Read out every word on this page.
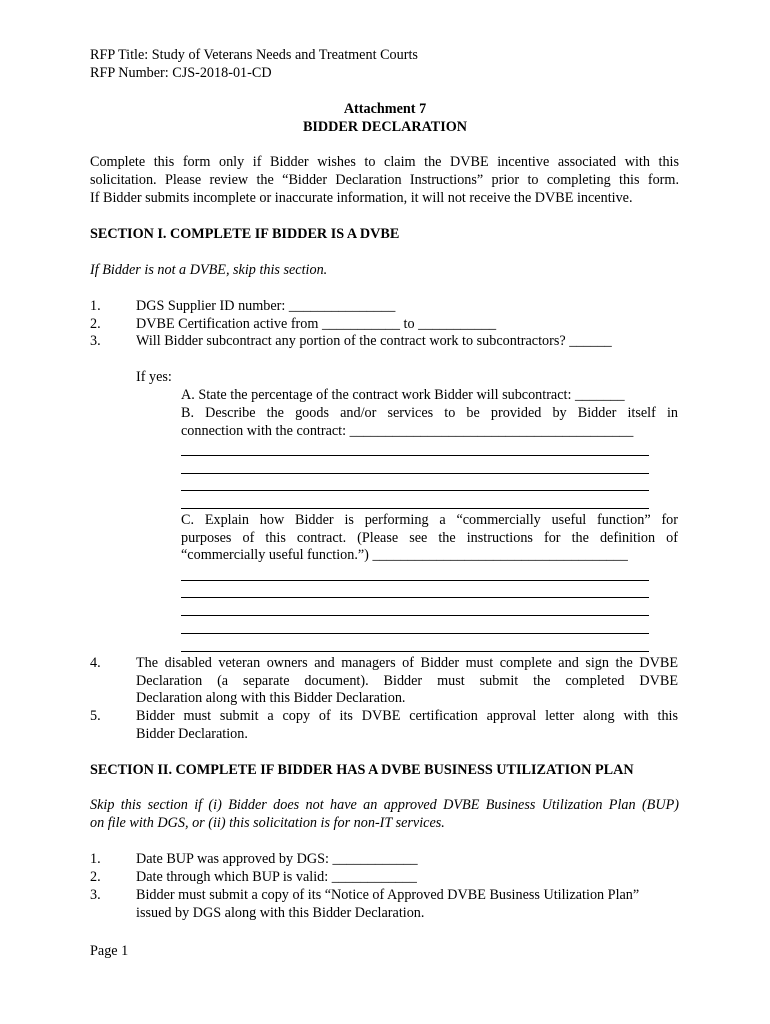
RFP Title: Study of Veterans Needs and Treatment Courts
RFP Number: CJS-2018-01-CD
Attachment 7
BIDDER DECLARATION
Complete this form only if Bidder wishes to claim the DVBE incentive associated with this
solicitation. Please review the “Bidder Declaration Instructions” prior to completing this form.
If Bidder submits incomplete or inaccurate information, it will not receive the DVBE incentive.
SECTION I. COMPLETE IF BIDDER IS A DVBE
If Bidder is not a DVBE, skip this section.
1. DGS Supplier ID number: _______________
2. DVBE Certification active from ___________ to ___________
3. Will Bidder subcontract any portion of the contract work to subcontractors? ______
If yes:
A. State the percentage of the contract work Bidder will subcontract: _______
B. Describe the goods and/or services to be provided by Bidder itself in
connection with the contract: ________________________________________
C. Explain how Bidder is performing a “commercially useful function” for
purposes of this contract. (Please see the instructions for the definition of
“commercially useful function.”) ____________________________________
4. The disabled veteran owners and managers of Bidder must complete and sign the DVBE
Declaration (a separate document). Bidder must submit the completed DVBE
Declaration along with this Bidder Declaration.
5. Bidder must submit a copy of its DVBE certification approval letter along with this
Bidder Declaration.
SECTION II. COMPLETE IF BIDDER HAS A DVBE BUSINESS UTILIZATION PLAN
Skip this section if (i) Bidder does not have an approved DVBE Business Utilization Plan (BUP)
on file with DGS, or (ii) this solicitation is for non-IT services.
1. Date BUP was approved by DGS: ____________
2. Date through which BUP is valid: ____________
3. Bidder must submit a copy of its “Notice of Approved DVBE Business Utilization Plan”
issued by DGS along with this Bidder Declaration.
Page 1
